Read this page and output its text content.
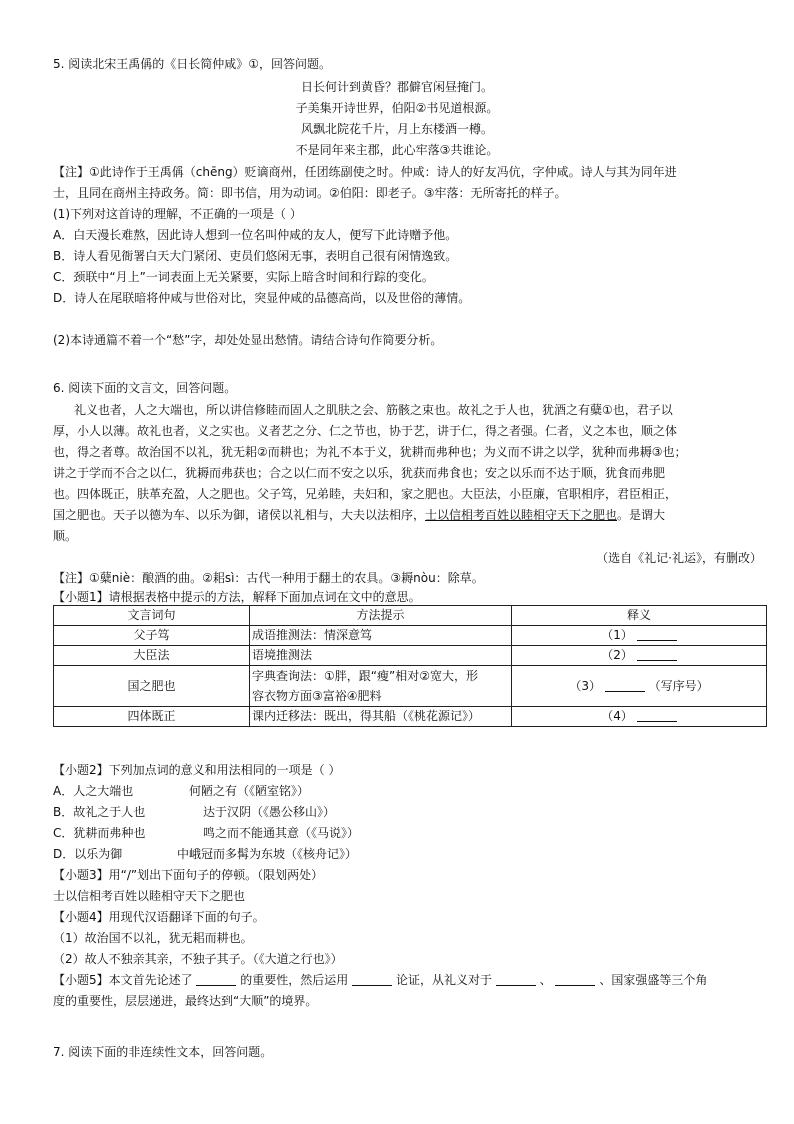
5. 阅读北宋王禹偁的《日长简仲咸》①，回答问题。
日长何计到黄昏？郡僻官闲昼掩门。
子美集开诗世界，伯阳②书见道根源。
风飘北院花千片，月上东楼酒一樽。
不是同年来主郡，此心牢落③共谁论。
【注】①此诗作于王禹偁（chēng）贬谪商州，任团练副使之时。仲咸：诗人的好友冯伉，字仲咸。诗人与其为同年进
士，且同在商州主持政务。简：即书信，用为动词。②伯阳：即老子。③牢落：无所寄托的样子。
(1)下列对这首诗的理解，不正确的一项是（ ）
A．白天漫长难熬，因此诗人想到一位名叫仲咸的友人，便写下此诗赠予他。
B．诗人看见衙署白天大门紧闭、吏员们悠闲无事，表明自己很有闲情逸致。
C．颈联中“月上”一词表面上无关紧要，实际上暗含时间和行踪的变化。
D．诗人在尾联暗将仲咸与世俗对比，突显仲咸的品德高尚，以及世俗的薄情。
(2)本诗通篇不着一个“愁”字，却处处显出愁情。请结合诗句作简要分析。
6. 阅读下面的文言文，回答问题。
礼义也者，人之大端也，所以讲信修睦而固人之肌肤之会、筋骸之束也。故礼之于人也，犹酒之有糵①也，君子以
厚，小人以薄。故礼也者，义之实也。义者艺之分、仁之节也，协于艺，讲于仁，得之者强。仁者，义之本也，顺之体
也，得之者尊。故治国不以礼，犹无耜②而耕也；为礼不本于义，犹耕而弗种也；为义而不讲之以学，犹种而弗耨③也；
讲之于学而不合之以仁，犹耨而弗获也；合之以仁而不安之以乐，犹获而弗食也；安之以乐而不达于顺，犹食而弗肥
也。四体既正，肤革充盈，人之肥也。父子笃，兄弟睦，夫妇和，家之肥也。大臣法，小臣廉，官职相序，君臣相正，
国之肥也。天子以德为车、以乐为御，诸侯以礼相与，大夫以法相序，士以信相考百姓以睦相守天下之肥也。是谓大
顺。
（选自《礼记·礼运》，有删改）
【注】①糵niè：酿酒的曲。②耜sì：古代一种用于翻土的农具。③耨nòu：除草。
【小题1】请根据表格中提示的方法，解释下面加点词在文中的意思。
文言词句	方法提示	释义
父子笃	成语推测法：情深意笃	（1）
大臣法	语境推测法	（2）
国之肥也	字典查询法：①胖，跟“瘦”相对②宽大，形
容衣物方面③富裕④肥料	（3） （写序号）
四体既正	课内迁移法：既出，得其船（《桃花源记》）	（4）
【小题2】下列加点词的意义和用法相同的一项是（ ）
A．人之大端也	何陋之有（《陋室铭》）
B．故礼之于人也	达于汉阴（《愚公移山》）
C．犹耕而弗种也	鸣之而不能通其意（《马说》）
D．以乐为御	中峨冠而多髯为东坡（《核舟记》）
【小题3】用“/”划出下面句子的停顿。（限划两处）
士以信相考百姓以睦相守天下之肥也
【小题4】用现代汉语翻译下面的句子。
（1）故治国不以礼，犹无耜而耕也。
（2）故人不独亲其亲，不独子其子。（《大道之行也》）
【小题5】本文首先论述了	的重要性，然后运用	论证，从礼义对于	、	、国家强盛等三个角
度的重要性，层层递进，最终达到“大顺”的境界。
7. 阅读下面的非连续性文本，回答问题。
